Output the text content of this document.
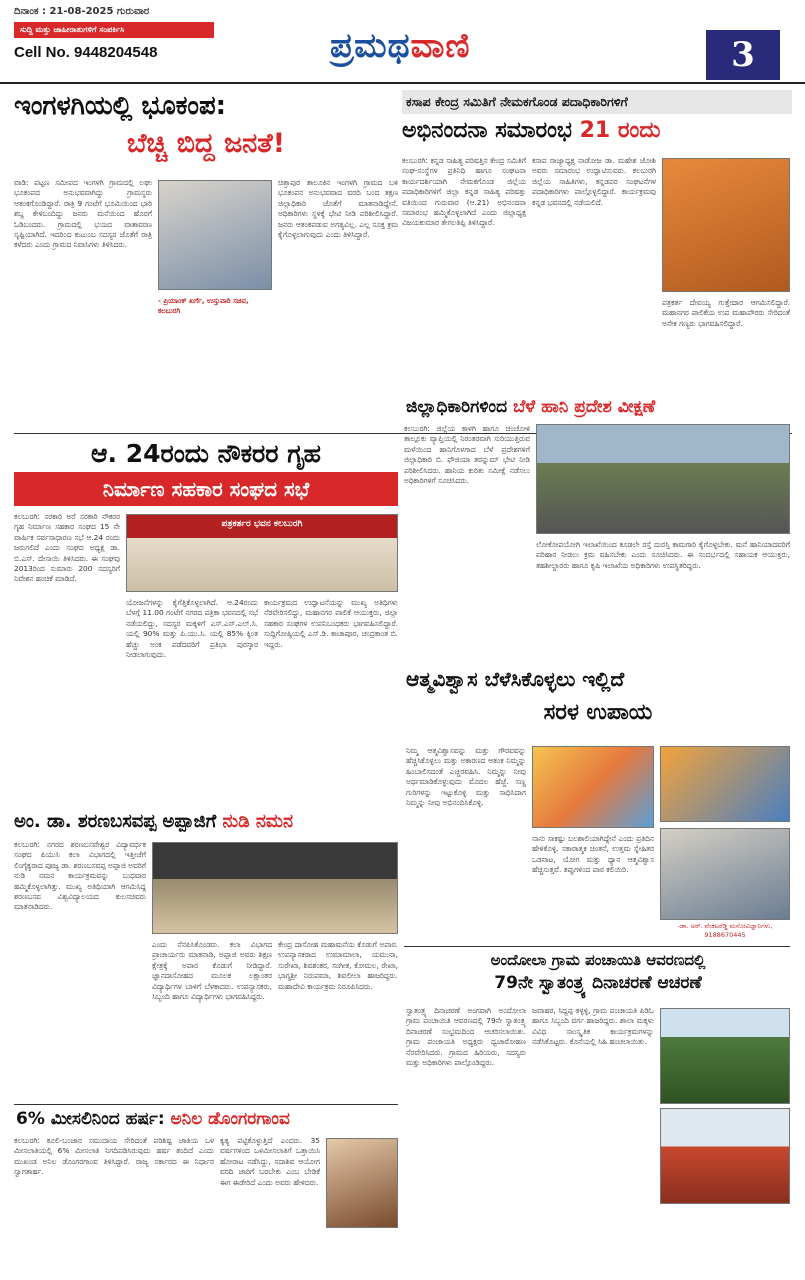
ದಿನಾಂಕ : 21-08-2025 ಗುರುವಾರ
ಸುದ್ದಿ ಮತ್ತು ಜಾಹೀರಾತುಗಳಿಗೆ ಸಂಪರ್ಕಿಸಿ
Cell No. 9448204548	ಪ್ರಮಥವಾಣಿ	3
ಇಂಗಳಗಿಯಲ್ಲಿ ಭೂಕಂಪ:
ಬೆಚ್ಚಿ ಬಿದ್ದ ಜನತೆ!
ವಾಡಿ: ಪಟ್ಟಣ ಸಮೀಪದ ಇಂಗಳಗಿ ಗ್ರಾಮದಲ್ಲಿ ಲಘು ಭೂಕಂಪದ ಅನುಭವವಾಗಿದ್ದು ಗ್ರಾಮಸ್ಥರು ಆತಂಕಗೊಂಡಿದ್ದಾರೆ. ರಾತ್ರಿ 9 ಗಂಟೆಗೆ ಭೂಮಿಯಿಂದ ಭಾರಿ ಶಬ್ದ ಕೇಳಿಬಂದಿದ್ದು ಜನರು ಮನೆಯಿಂದ ಹೊರಗೆ ಓಡಿಬಂದರು. ಗ್ರಾಮದಲ್ಲಿ ಭಯದ ವಾತಾವರಣ ಸೃಷ್ಟಿಯಾಗಿದೆ. ಇದರಿಂದ ಕುಟುಂಬ ಸದಸ್ಯರ ಜೊತೆಗೆ ರಾತ್ರಿ ಕಳೆದರು ಎಂದು ಗ್ರಾಮದ ನಿವಾಸಿಗಳು ತಿಳಿಸಿದರು.
ಚಿತ್ತಾಪುರ ತಾಲೂಕಿನ ಇಂಗಳಗಿ ಗ್ರಾಮದ ಬಳಿ ಭೂಕಂಪನ ಅನುಭವವಾದ ವರದಿ ಬಂದ ತಕ್ಷಣ ಜಿಲ್ಲಾಧಿಕಾರಿ ಜೊತೆಗೆ ಮಾತನಾಡಿದ್ದೇನೆ. ಅಧಿಕಾರಿಗಳು ಸ್ಥಳಕ್ಕೆ ಭೇಟಿ ನೀಡಿ ಪರಿಶೀಲಿಸಿದ್ದಾರೆ. ಜನರು ಆತಂಕಪಡುವ ಅಗತ್ಯವಿಲ್ಲ. ಎಲ್ಲ ಸೂಕ್ತ ಕ್ರಮ ಕೈಗೊಳ್ಳಲಾಗುವುದು ಎಂದು ತಿಳಿಸಿದ್ದಾರೆ.
- ಪ್ರಿಯಾಂಕ್ ಖರ್ಗೆ, ಉಸ್ತುವಾರಿ ಸಚಿವ, ಕಲಬುರಗಿ
ಕಸಾಪ ಕೇಂದ್ರ ಸಮಿತಿಗೆ ನೇಮಕಗೊಂಡ ಪದಾಧಿಕಾರಿಗಳಿಗೆ
ಅಭಿನಂದನಾ ಸಮಾರಂಭ 21 ರಂದು
ಕಲಬುರಗಿ: ಕನ್ನಡ ಸಾಹಿತ್ಯ ಪರಿಷತ್ತಿನ ಕೇಂದ್ರ ಸಮಿತಿಗೆ ಸಂಘ-ಸಂಸ್ಥೆಗಳ ಪ್ರತಿನಿಧಿ ಹಾಗೂ ಸಂಘಟನಾ ಕಾರ್ಯದರ್ಶಿಯಾಗಿ ನೇಮಕಗೊಂಡ ಜಿಲ್ಲೆಯ ಪದಾಧಿಕಾರಿಗಳಿಗೆ ಜಿಲ್ಲಾ ಕನ್ನಡ ಸಾಹಿತ್ಯ ಪರಿಷತ್ತು ವತಿಯಿಂದ ಗುರುವಾರ (ಆ.21) ಅಭಿನಂದನಾ ಸಮಾರಂಭ ಹಮ್ಮಿಕೊಳ್ಳಲಾಗಿದೆ ಎಂದು ಜಿಲ್ಲಾಧ್ಯಕ್ಷ ವಿಜಯಕುಮಾರ ತೇಗಲತಿಪ್ಪಿ ತಿಳಿಸಿದ್ದಾರೆ.
ಕಸಾಪ ರಾಜ್ಯಾಧ್ಯಕ್ಷ ನಾಡೋಜ ಡಾ. ಮಹೇಶ ಜೋಶಿ ಅವರು ಸಮಾರಂಭ ಉದ್ಘಾಟಿಸುವರು. ಕಲಬುರಗಿ ಜಿಲ್ಲೆಯ ಸಾಹಿತಿಗಳು, ಕನ್ನಡಪರ ಸಂಘಟನೆಗಳ ಪದಾಧಿಕಾರಿಗಳು ಪಾಲ್ಗೊಳ್ಳಲಿದ್ದಾರೆ. ಕಾರ್ಯಕ್ರಮವು ಕನ್ನಡ ಭವನದಲ್ಲಿ ನಡೆಯಲಿದೆ.
ಪತ್ರಕರ್ತ ದೇವಯ್ಯ ಗುತ್ತೇದಾರ ಆಗಮಿಸಲಿದ್ದಾರೆ. ಮಹಾನಗರ ಪಾಲಿಕೆಯ ಉಪ ಮಹಾಪೌರರು ಸೇರಿದಂತೆ ಅನೇಕ ಗಣ್ಯರು ಭಾಗವಹಿಸಲಿದ್ದಾರೆ.
ಆ. 24ರಂದು ನೌಕರರ ಗೃಹ
ನಿರ್ಮಾಣ ಸಹಕಾರ ಸಂಘದ ಸಭೆ
ಕಲಬುರಗಿ: ಸರಕಾರಿ ಅರೆ ಸರಕಾರಿ ನೌಕರರ ಗೃಹ ನಿರ್ಮಾಣ ಸಹಕಾರ ಸಂಘದ 15 ನೇ ವಾರ್ಷಿಕ ಸರ್ವಸಾಧಾರಣ ಸಭೆ ಆ.24 ರಂದು ಜರುಗಲಿದೆ ಎಂದು ಸಂಘದ ಅಧ್ಯಕ್ಷ ಡಾ. ಬಿ.ಎಸ್. ದೇಸಾಯಿ ತಿಳಿಸಿದರು. ಈ ಸಂಘವು 2013ರಿಂದ ಸುಮಾರು 200 ಸದಸ್ಯರಿಗೆ ನಿವೇಶನ ಹಂಚಿಕೆ ಮಾಡಿದೆ.
ಪತ್ರಕರ್ತರ ಭವನ ಕಲಬುರಗಿ
ಯೋಜನೆಗಳನ್ನು ಕೈಗೆತ್ತಿಕೊಳ್ಳಲಾಗಿದೆ. ಆ.24ರಂದು ಬೆಳಗ್ಗೆ 11.00 ಗಂಟೆಗೆ ನಗರದ ಪತ್ರಿಕಾ ಭವನದಲ್ಲಿ ಸಭೆ ನಡೆಯಲಿದ್ದು, ಸದಸ್ಯರ ಮಕ್ಕಳಿಗೆ ಎಸ್.ಎಸ್.ಎಲ್.ಸಿ. ಯಲ್ಲಿ 90% ಮತ್ತು ಪಿ.ಯು.ಸಿ. ಯಲ್ಲಿ 85% ಕ್ಕಿಂತ ಹೆಚ್ಚು ಅಂಕ ಪಡೆದವರಿಗೆ ಪ್ರತಿಭಾ ಪುರಸ್ಕಾರ ನೀಡಲಾಗುವುದು.
ಕಾರ್ಯಕ್ರಮದ ಉದ್ಘಾಟನೆಯನ್ನು ಮುಖ್ಯ ಅತಿಥಿಗಳು ನೆರವೇರಿಸಲಿದ್ದು, ಮಹಾನಗರ ಪಾಲಿಕೆ ಆಯುಕ್ತರು, ಜಿಲ್ಲಾ ಸಹಕಾರ ಸಂಘಗಳ ಉಪನಿಬಂಧಕರು ಭಾಗವಹಿಸಲಿದ್ದಾರೆ. ಸುದ್ದಿಗೋಷ್ಠಿಯಲ್ಲಿ ಎಸ್.ಡಿ. ಕಾಚಾಪೂರ, ಚಂದ್ರಕಾಂತ ಬಿ. ಇದ್ದರು.
ಜಿಲ್ಲಾಧಿಕಾರಿಗಳಿಂದ ಬೆಳೆ ಹಾನಿ ಪ್ರದೇಶ ವೀಕ್ಷಣೆ
ಕಲಬುರಗಿ: ಜಿಲ್ಲೆಯ ಕಾಳಗಿ ಹಾಗೂ ಚಿಂಚೋಳಿ ತಾಲ್ಲೂಕು ವ್ಯಾಪ್ತಿಯಲ್ಲಿ ನಿರಂತರವಾಗಿ ಸುರಿಯುತ್ತಿರುವ ಮಳೆಯಿಂದ ಹಾನಿಗೊಳಗಾದ ಬೆಳೆ ಪ್ರದೇಶಗಳಿಗೆ ಜಿಲ್ಲಾಧಿಕಾರಿ ಬಿ. ಫೌಜಿಯಾ ತರನ್ನುಮ್ ಭೇಟಿ ನೀಡಿ ಪರಿಶೀಲಿಸಿದರು. ಹಾನಿಯ ಕುರಿತು ಸಮೀಕ್ಷೆ ನಡೆಸಲು ಅಧಿಕಾರಿಗಳಿಗೆ ಸೂಚಿಸಿದರು.
ಲೋಕೋಪಯೋಗಿ ಇಲಾಖೆಯಿಂದ ಕೂಡಲೇ ರಸ್ತೆ ದುರಸ್ತಿ ಕಾಮಗಾರಿ ಕೈಗೊಳ್ಳಬೇಕು. ಮನೆ ಹಾನಿಯಾದವರಿಗೆ ಪರಿಹಾರ ನೀಡಲು ಕ್ರಮ ವಹಿಸಬೇಕು ಎಂದು ಸೂಚಿಸಿದರು. ಈ ಸಂದರ್ಭದಲ್ಲಿ ಸಹಾಯಕ ಆಯುಕ್ತರು, ತಹಶೀಲ್ದಾರರು ಹಾಗೂ ಕೃಷಿ ಇಲಾಖೆಯ ಅಧಿಕಾರಿಗಳು ಉಪಸ್ಥಿತರಿದ್ದರು.
ಆತ್ಮವಿಶ್ವಾಸ ಬೆಳೆಸಿಕೊಳ್ಳಲು ಇಲ್ಲಿದೆ
ಸರಳ ಉಪಾಯ
ನಿಮ್ಮ ಆತ್ಮವಿಶ್ವಾಸವನ್ನು ಮತ್ತು ಗೌರವವನ್ನು ಹೆಚ್ಚಿಸಿಕೊಳ್ಳಲು ಮತ್ತು ಅಕಾರಣದ ಆತಂಕ ನಿಮ್ಮನ್ನು ಹಿಂಬಾಲಿಸದಂತೆ ಎಚ್ಚರವಹಿಸಿ. ನಿಮ್ಮನ್ನು ನೀವು ಅರ್ಥಮಾಡಿಕೊಳ್ಳುವುದು ಮೊದಲ ಹೆಜ್ಜೆ. ಸಣ್ಣ ಗುರಿಗಳನ್ನು ಇಟ್ಟುಕೊಳ್ಳಿ ಮತ್ತು ಸಾಧಿಸಿದಾಗ ನಿಮ್ಮನ್ನು ನೀವು ಅಭಿನಂದಿಸಿಕೊಳ್ಳಿ.
ನಾನು ಸಾಕಷ್ಟು ಬಲಶಾಲಿಯಾಗಿದ್ದೇನೆ ಎಂದು ಪ್ರತಿದಿನ ಹೇಳಿಕೊಳ್ಳಿ. ಸಕಾರಾತ್ಮಕ ಚಿಂತನೆ, ಉತ್ತಮ ಸ್ನೇಹಿತರ ಒಡನಾಟ, ಯೋಗ ಮತ್ತು ಧ್ಯಾನ ಆತ್ಮವಿಶ್ವಾಸ ಹೆಚ್ಚಿಸುತ್ತವೆ. ತಪ್ಪುಗಳಿಂದ ಪಾಠ ಕಲಿಯಿರಿ.
-ಡಾ. ಅರ್. ವೆಂಕಟರೆಡ್ಡಿ ಮನೋವಿಜ್ಞಾನಿಗಳು, 9188670445
ಅಂ. ಡಾ. ಶರಣಬಸವಪ್ಪ ಅಪ್ಪಾಜಿಗೆ ನುಡಿ ನಮನ
ಕಲಬುರಗಿ: ನಗರದ ಶರಣಬಸವೇಶ್ವರ ವಿದ್ಯಾವರ್ಧಕ ಸಂಘದ ಪಿಯುಸಿ ಕಲಾ ವಿಭಾಗದಲ್ಲಿ ಇತ್ತೀಚೆಗೆ ಲಿಂಗೈಕ್ಯರಾದ ಪೂಜ್ಯ ಡಾ. ಶರಣಬಸವಪ್ಪ ಅಪ್ಪಾಜಿ ಅವರಿಗೆ ನುಡಿ ನಮನ ಕಾರ್ಯಕ್ರಮವನ್ನು ಬುಧವಾರ ಹಮ್ಮಿಕೊಳ್ಳಲಾಗಿತ್ತು. ಮುಖ್ಯ ಅತಿಥಿಯಾಗಿ ಆಗಮಿಸಿದ್ದ ಶರಣಬಸವ ವಿಶ್ವವಿದ್ಯಾಲಯದ ಕುಲಸಚಿವರು ಮಾತನಾಡಿದರು.
ಎಂದು ನೆನಪಿಸಿಕೊಂಡರು. ಕಲಾ ವಿಭಾಗದ ಪ್ರಾಚಾರ್ಯರು ಮಾತನಾಡಿ, ಅಪ್ಪಾಜಿ ಅವರು ಶಿಕ್ಷಣ ಕ್ಷೇತ್ರಕ್ಕೆ ಅಪಾರ ಕೊಡುಗೆ ನೀಡಿದ್ದಾರೆ. ಜ್ಞಾನದಾಸೋಹದ ಮೂಲಕ ಲಕ್ಷಾಂತರ ವಿದ್ಯಾರ್ಥಿಗಳ ಬಾಳಿಗೆ ಬೆಳಕಾದರು. ಉಪನ್ಯಾಸಕರು, ಸಿಬ್ಬಂದಿ ಹಾಗೂ ವಿದ್ಯಾರ್ಥಿಗಳು ಭಾಗವಹಿಸಿದ್ದರು.
ಕೇಂದ್ರ ದಾಸೋಹ ಮಹಾಮನೆಯ ಕೊಡುಗೆ ಅಪಾರ. ಉಪನ್ಯಾಸಕರಾದ ಉಮಾಮಾಲಾ, ಯಮುನಾ, ಸುರೇಖಾ, ಶಿವಶಂಕರ, ಸಂಗೀತ, ಕೋಮಲ, ರೇಖಾ, ಭಾಗ್ಯಶ್ರೀ ನಿರುಪಮಾ, ಶಿವಲೀಲಾ ಹಾಜರಿದ್ದರು. ಮಹಾದೇವಿ ಕಾರ್ಯಕ್ರಮ ನಿರೂಪಿಸಿದರು.
ಅಂದೋಲಾ ಗ್ರಾಮ ಪಂಚಾಯಿತಿ ಆವರಣದಲ್ಲಿ
79ನೇ ಸ್ವಾತಂತ್ರ್ಯ ದಿನಾಚರಣೆ ಆಚರಣೆ
ಸ್ವಾತಂತ್ರ್ಯ ದಿನಾಚರಣೆ ಅಂಗವಾಗಿ ಅಂದೋಲಾ ಗ್ರಾಮ ಪಂಚಾಯಿತಿ ಆವರಣದಲ್ಲಿ 79ನೇ ಸ್ವಾತಂತ್ರ್ಯ ದಿನಾಚರಣೆ ಸಂಭ್ರಮದಿಂದ ಆಚರಿಸಲಾಯಿತು. ಗ್ರಾಮ ಪಂಚಾಯತಿ ಅಧ್ಯಕ್ಷರು ಧ್ವಜಾರೋಹಣ ನೆರವೇರಿಸಿದರು. ಗ್ರಾಮದ ಹಿರಿಯರು, ಸದಸ್ಯರು ಮತ್ತು ಅಧಿಕಾರಿಗಳು ಪಾಲ್ಗೊಂಡಿದ್ದರು.
ಜವಾಹರ, ಸಿದ್ದಪ್ಪ ತಳ್ಳಳ್ಳಿ, ಗ್ರಾಮ ಪಂಚಾಯತಿ ಪಿಡಿಓ ಹಾಗೂ ಸಿಬ್ಬಂದಿ ವರ್ಗ ಹಾಜರಿದ್ದರು. ಶಾಲಾ ಮಕ್ಕಳು ವಿವಿಧ ಸಾಂಸ್ಕೃತಿಕ ಕಾರ್ಯಕ್ರಮಗಳನ್ನು ನಡೆಸಿಕೊಟ್ಟರು. ಕೊನೆಯಲ್ಲಿ ಸಿಹಿ ಹಂಚಲಾಯಿತು.
6% ಮೀಸಲಿನಿಂದ ಹರ್ಷ: ಅನಿಲ ಡೊಂಗರಗಾಂವ
ಕಲಬುರಗಿ: ಕೂಲಿ-ಬಂಜಾರ ಸಮುದಾಯ ಸೇರಿದಂತೆ ಪರಿಶಿಷ್ಟ ಜಾತಿಯ ಒಳ ಮೀಸಲಾತಿಯಲ್ಲಿ 6% ಮೀಸಲಾತಿ ನಿಗದಿಪಡಿಸಿರುವುದು ಹರ್ಷ ತಂದಿದೆ ಎಂದು ಮುಖಂಡ ಅನಿಲ ಡೊಂಗರಗಾಂವ ತಿಳಿಸಿದ್ದಾರೆ. ರಾಜ್ಯ ಸರ್ಕಾರದ ಈ ನಿರ್ಧಾರ ಸ್ವಾಗತಾರ್ಹ.
ಕೃತ್ಯ ಪಟ್ಟಿಕೊಳ್ಳುತ್ತಿದೆ ಎಂದರು. 35 ವರ್ಷಗಳಿಂದ ಒಳಮೀಸಲಾತಿಗೆ ಒತ್ತಾಯಿಸಿ ಹೋರಾಟ ನಡೆಸಿದ್ದು, ಸದಾಶಿವ ಆಯೋಗ ವರದಿ ಜಾರಿಗೆ ಬರಬೇಕು ಎಂಬ ಬೇಡಿಕೆ ಈಗ ಈಡೇರಿದೆ ಎಂದು ಅವರು ಹೇಳಿದರು.
